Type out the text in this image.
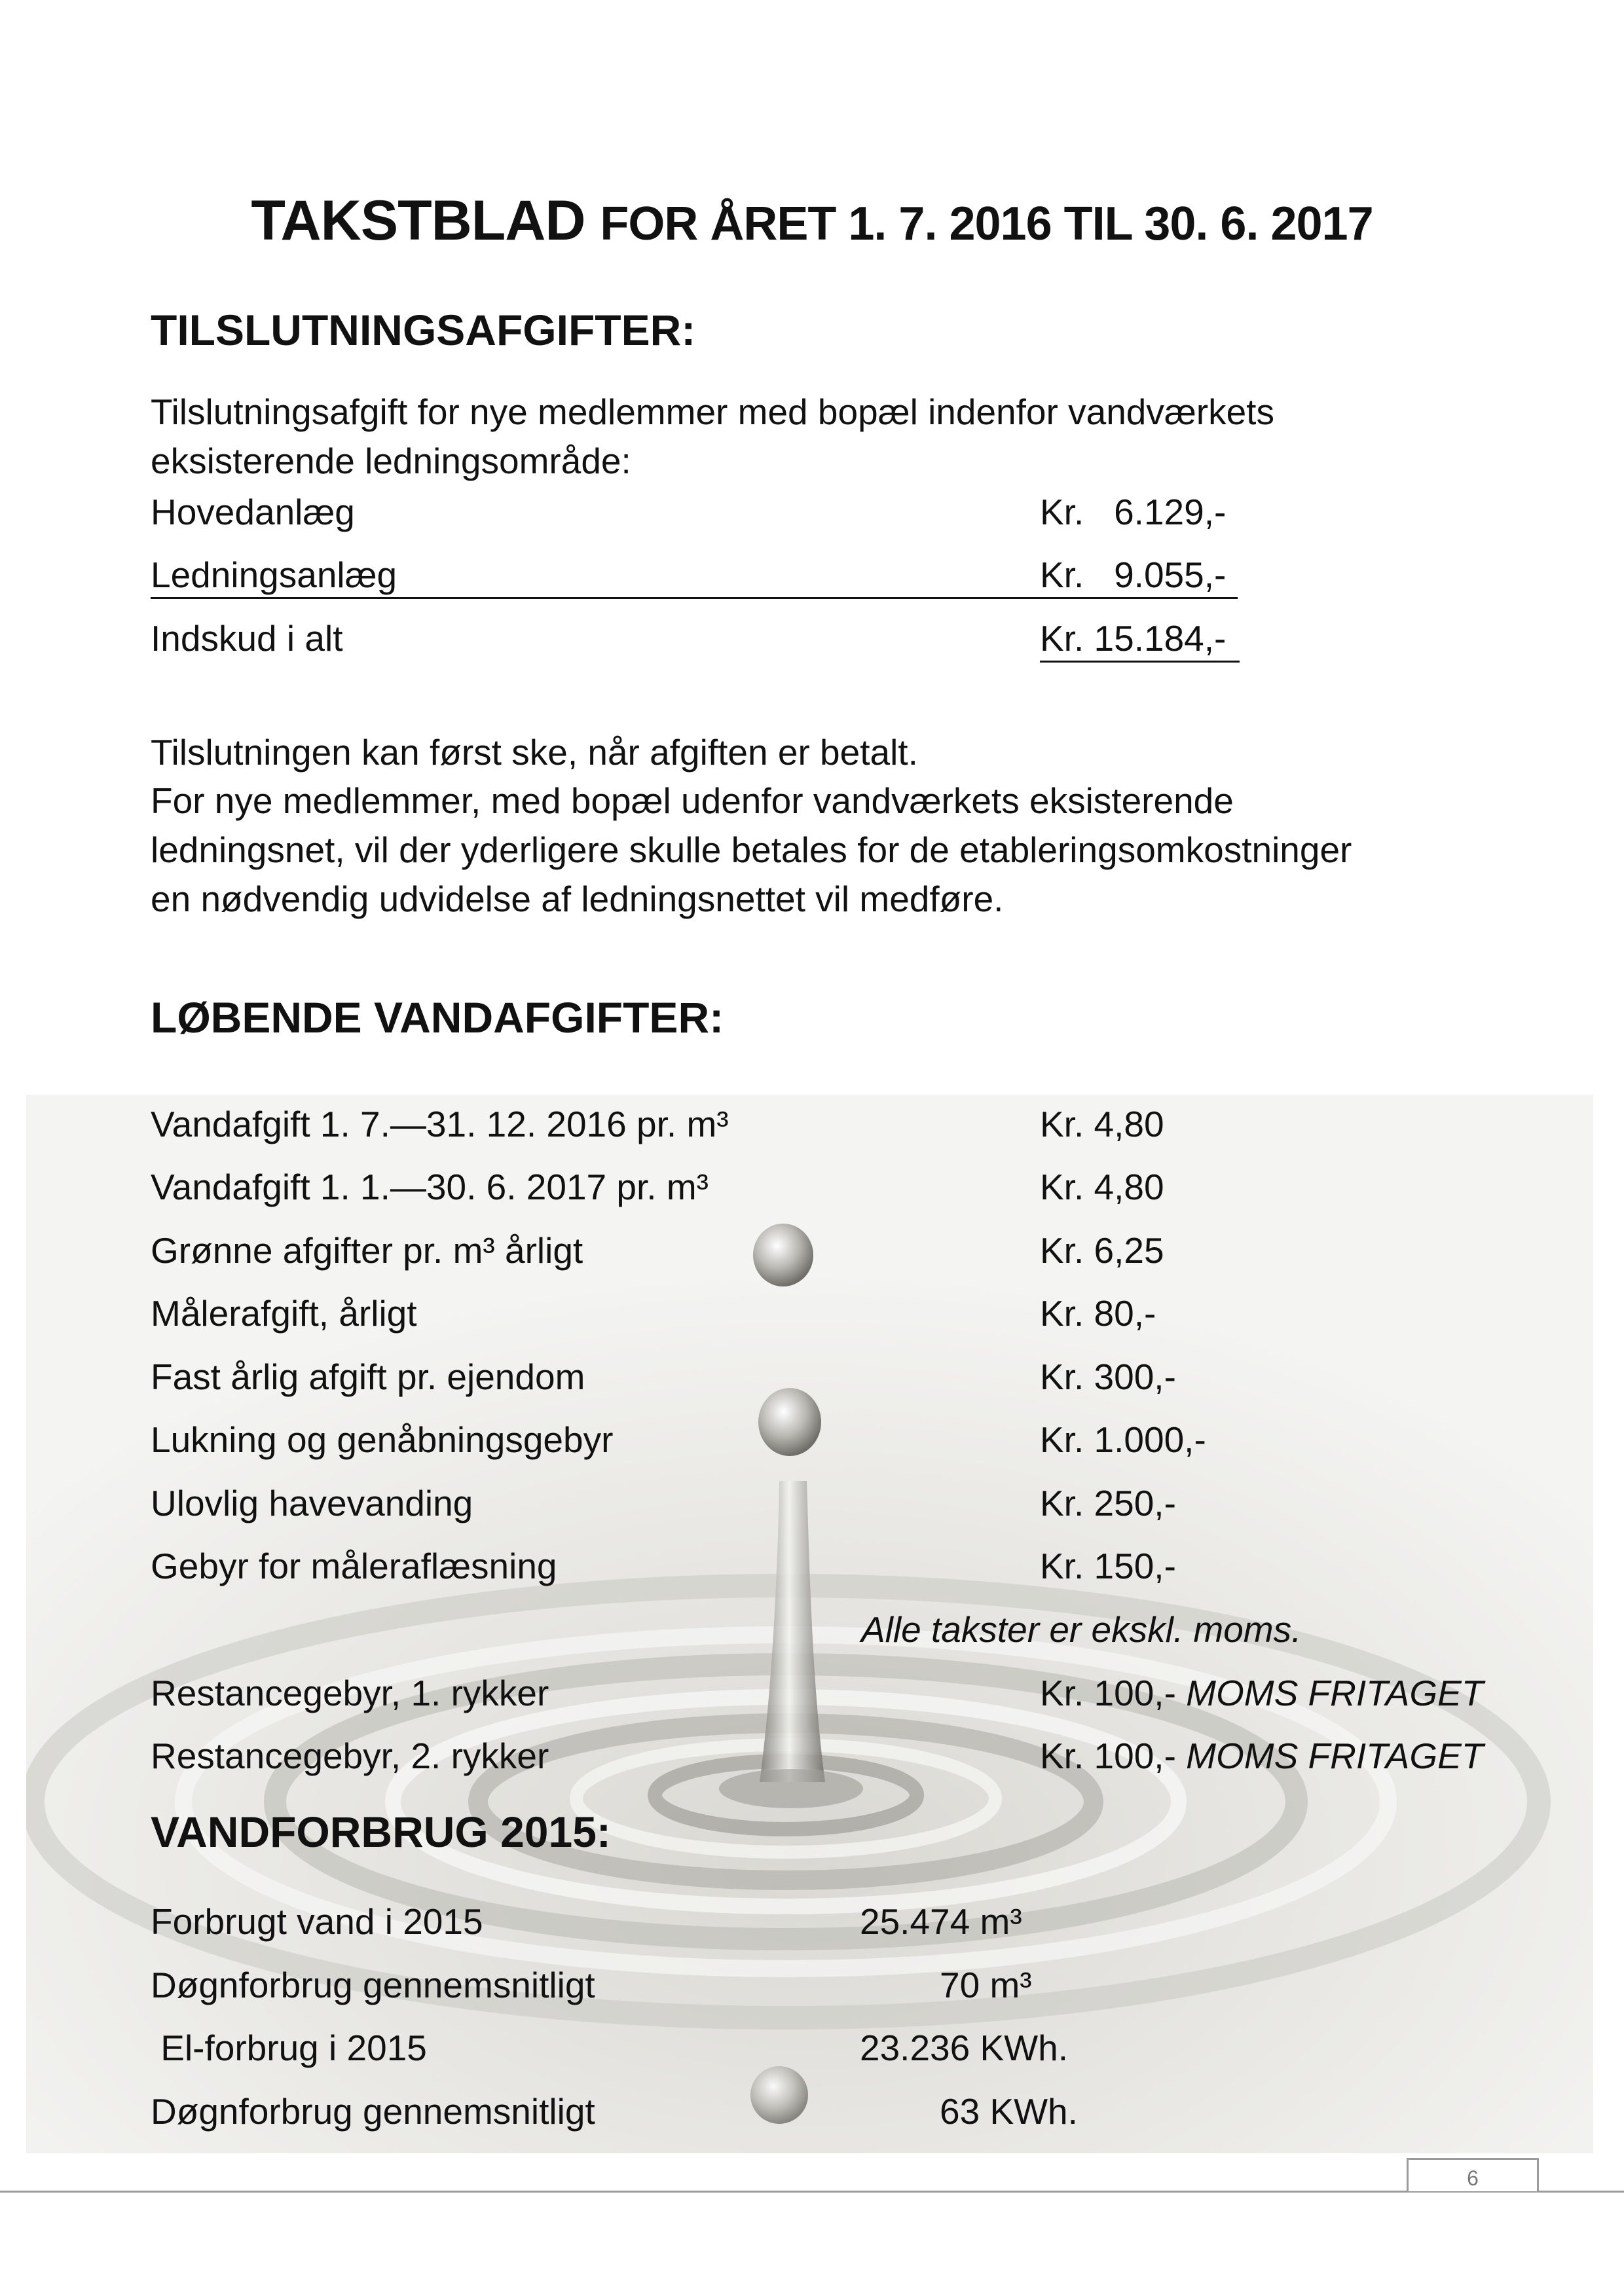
TAKSTBLAD FOR ÅRET 1. 7. 2016 TIL 30. 6. 2017
TILSLUTNINGSAFGIFTER:
Tilslutningsafgift for nye medlemmer med bopæl indenfor vandværkets
eksisterende ledningsområde:
Hovedanlæg	Kr.   6.129,-
Ledningsanlæg	Kr.   9.055,-
Indskud i alt	Kr. 15.184,-
Tilslutningen kan først ske, når afgiften er betalt.
For nye medlemmer, med bopæl udenfor vandværkets eksisterende
ledningsnet, vil der yderligere skulle betales for de etableringsomkostninger
en nødvendig udvidelse af ledningsnettet vil medføre.
LØBENDE VANDAFGIFTER:
Vandafgift 1. 7.—31. 12. 2016 pr. m³	Kr. 4,80
Vandafgift 1. 1.—30. 6. 2017 pr. m³	Kr. 4,80
Grønne afgifter pr. m³ årligt	Kr. 6,25
Målerafgift, årligt	Kr. 80,-
Fast årlig afgift pr. ejendom	Kr. 300,-
Lukning og genåbningsgebyr	Kr. 1.000,-
Ulovlig havevanding	Kr. 250,-
Gebyr for måleraflæsning	Kr. 150,-
Alle takster er ekskl. moms.
Restancegebyr, 1. rykker	Kr. 100,- MOMS FRITAGET
Restancegebyr, 2. rykker	Kr. 100,- MOMS FRITAGET
VANDFORBRUG 2015:
Forbrugt vand i 2015	25.474 m³
Døgnforbrug gennemsnitligt	70 m³
El-forbrug i 2015	23.236 KWh.
Døgnforbrug gennemsnitligt	63 KWh.
6
